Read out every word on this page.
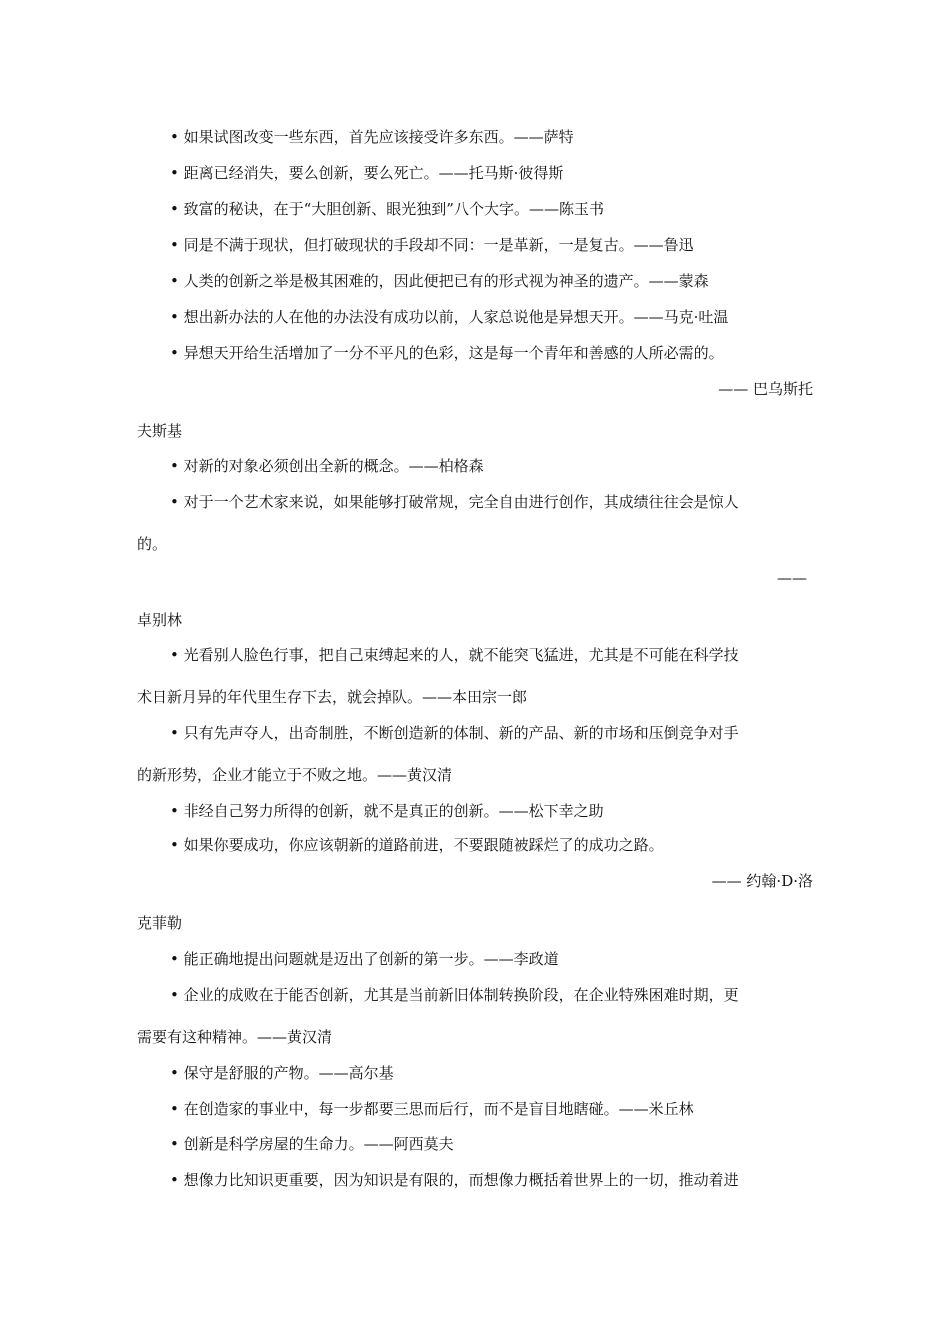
• 如果试图改变一些东西，首先应该接受许多东西。——萨特
• 距离已经消失，要么创新，要么死亡。——托马斯·彼得斯
• 致富的秘诀，在于“大胆创新、眼光独到”八个大字。——陈玉书
• 同是不满于现状，但打破现状的手段却不同：一是革新，一是复古。——鲁迅
• 人类的创新之举是极其困难的，因此便把已有的形式视为神圣的遗产。——蒙森
• 想出新办法的人在他的办法没有成功以前，人家总说他是异想天开。——马克·吐温
• 异想天开给生活增加了一分不平凡的色彩，这是每一个青年和善感的人所必需的。
—— 巴乌斯托
夫斯基
• 对新的对象必须创出全新的概念。——柏格森
• 对于一个艺术家来说，如果能够打破常规，完全自由进行创作，其成绩往往会是惊人
的。
——
卓别林
• 光看别人脸色行事，把自己束缚起来的人，就不能突飞猛进，尤其是不可能在科学技
术日新月异的年代里生存下去，就会掉队。——本田宗一郎
• 只有先声夺人，出奇制胜，不断创造新的体制、新的产品、新的市场和压倒竞争对手
的新形势，企业才能立于不败之地。——黄汉清
• 非经自己努力所得的创新，就不是真正的创新。——松下幸之助
• 如果你要成功，你应该朝新的道路前进，不要跟随被踩烂了的成功之路。
—— 约翰·D·洛
克菲勒
• 能正确地提出问题就是迈出了创新的第一步。——李政道
• 企业的成败在于能否创新，尤其是当前新旧体制转换阶段，在企业特殊困难时期，更
需要有这种精神。——黄汉清
• 保守是舒服的产物。——高尔基
• 在创造家的事业中，每一步都要三思而后行，而不是盲目地瞎碰。——米丘林
• 创新是科学房屋的生命力。——阿西莫夫
• 想像力比知识更重要，因为知识是有限的，而想像力概括着世界上的一切，推动着进
